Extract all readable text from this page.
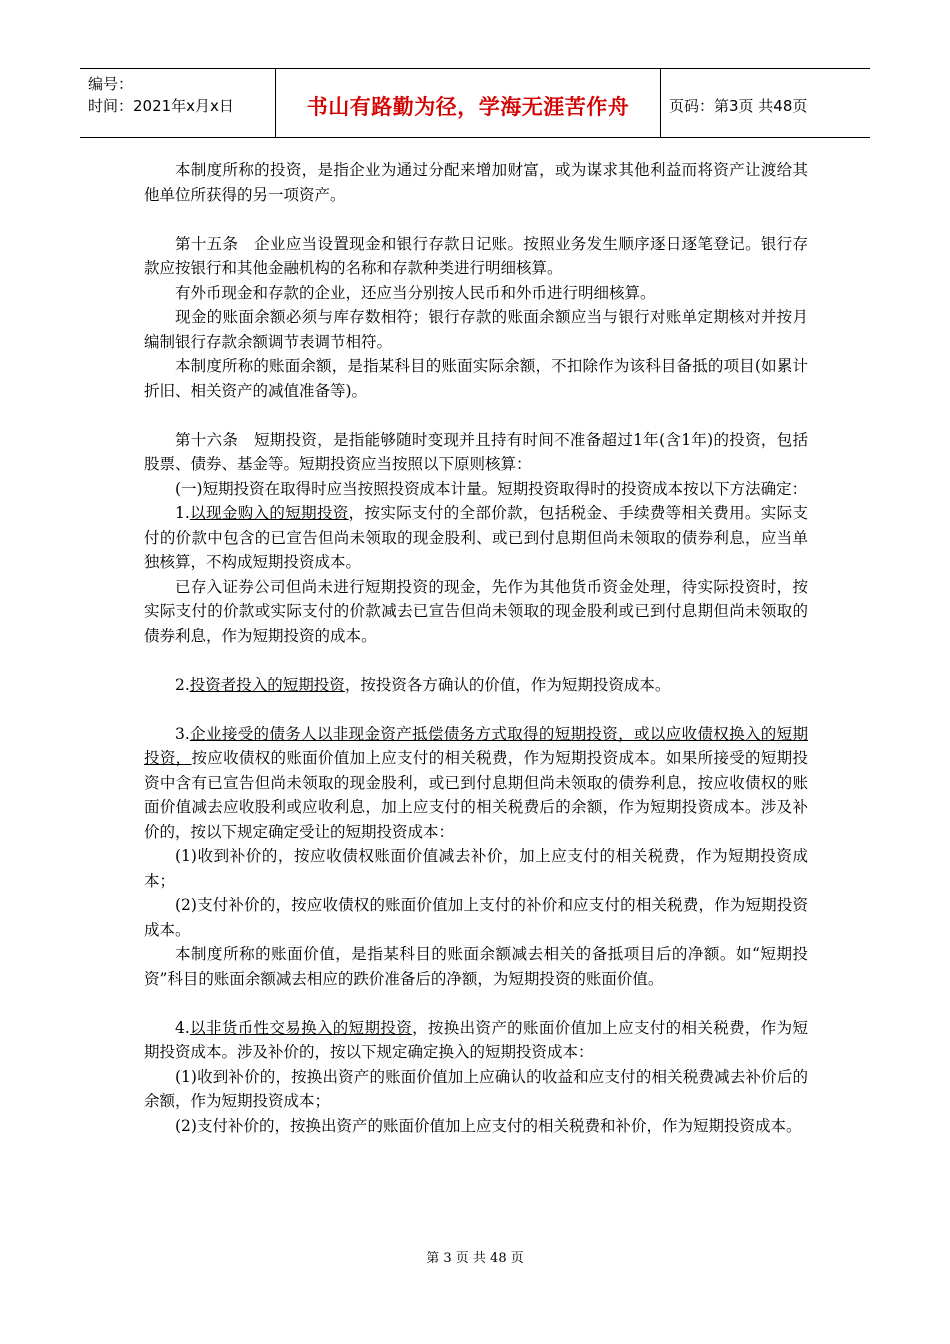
编号：
时间：2021年x月x日	书山有路勤为径，学海无涯苦作舟	页码：第3页 共48页

本制度所称的投资，是指企业为通过分配来增加财富，或为谋求其他利益而将资产让渡给其他单位所获得的另一项资产。

第十五条　企业应当设置现金和银行存款日记账。按照业务发生顺序逐日逐笔登记。银行存款应按银行和其他金融机构的名称和存款种类进行明细核算。

有外币现金和存款的企业，还应当分别按人民币和外币进行明细核算。

现金的账面余额必须与库存数相符；银行存款的账面余额应当与银行对账单定期核对并按月编制银行存款余额调节表调节相符。

本制度所称的账面余额，是指某科目的账面实际余额，不扣除作为该科目备抵的项目(如累计折旧、相关资产的减值准备等)。

第十六条　短期投资，是指能够随时变现并且持有时间不准备超过1年(含1年)的投资，包括股票、债券、基金等。短期投资应当按照以下原则核算：

(一)短期投资在取得时应当按照投资成本计量。短期投资取得时的投资成本按以下方法确定：

1.以现金购入的短期投资，按实际支付的全部价款，包括税金、手续费等相关费用。实际支付的价款中包含的已宣告但尚未领取的现金股利、或已到付息期但尚未领取的债券利息，应当单独核算，不构成短期投资成本。

已存入证券公司但尚未进行短期投资的现金，先作为其他货币资金处理，待实际投资时，按实际支付的价款或实际支付的价款减去已宣告但尚未领取的现金股利或已到付息期但尚未领取的债券利息，作为短期投资的成本。

2.投资者投入的短期投资，按投资各方确认的价值，作为短期投资成本。

3.企业接受的债务人以非现金资产抵偿债务方式取得的短期投资，或以应收债权换入的短期投资，按应收债权的账面价值加上应支付的相关税费，作为短期投资成本。如果所接受的短期投资中含有已宣告但尚未领取的现金股利，或已到付息期但尚未领取的债券利息，按应收债权的账面价值减去应收股利或应收利息，加上应支付的相关税费后的余额，作为短期投资成本。涉及补价的，按以下规定确定受让的短期投资成本：

(1)收到补价的，按应收债权账面价值减去补价，加上应支付的相关税费，作为短期投资成本；

(2)支付补价的，按应收债权的账面价值加上支付的补价和应支付的相关税费，作为短期投资成本。

本制度所称的账面价值，是指某科目的账面余额减去相关的备抵项目后的净额。如“短期投资”科目的账面余额减去相应的跌价准备后的净额，为短期投资的账面价值。

4.以非货币性交易换入的短期投资，按换出资产的账面价值加上应支付的相关税费，作为短期投资成本。涉及补价的，按以下规定确定换入的短期投资成本：

(1)收到补价的，按换出资产的账面价值加上应确认的收益和应支付的相关税费减去补价后的余额，作为短期投资成本；

(2)支付补价的，按换出资产的账面价值加上应支付的相关税费和补价，作为短期投资成本。

第 3 页 共 48 页
